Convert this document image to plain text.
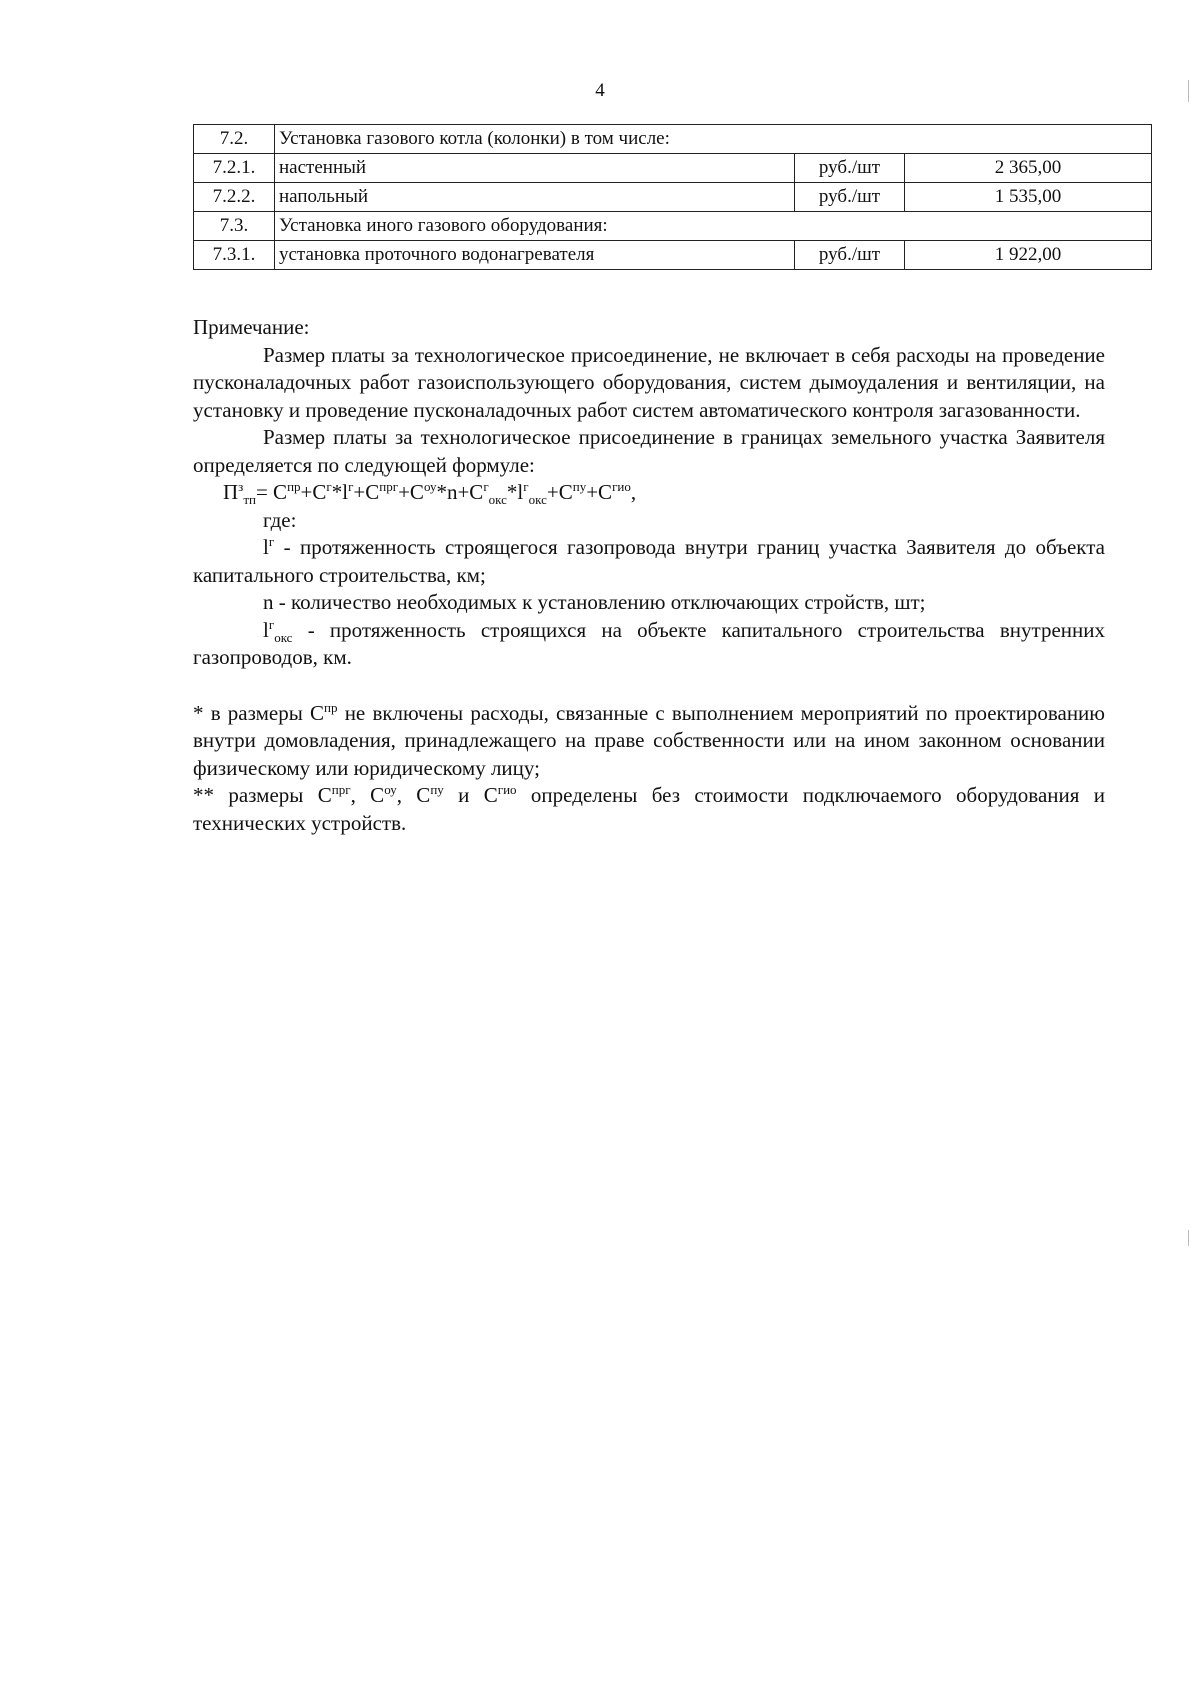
4
7.2.	Установка газового котла (колонки) в том числе:		
7.2.1.	настенный	руб./шт	2 365,00
7.2.2.	напольный	руб./шт	1 535,00
7.3.	Установка иного газового оборудования:		
7.3.1.	установка проточного водонагревателя	руб./шт	1 922,00

Примечание:

Размер платы за технологическое присоединение, не включает в себя расходы на проведение пусконаладочных работ газоиспользующего оборудования, систем дымоудаления и вентиляции, на установку и проведение пусконаладочных работ систем автоматического контроля загазованности.

Размер платы за технологическое присоединение в границах земельного участка Заявителя определяется по следующей формуле:

$П^з_{тп}= С^{пр}+С^г*l^г+С^{прг}+С^{оу}*n+С^г_{окс}*l^г_{окс}+С^{пу}+С^{гио}$,

где:

$l^г$ - протяженность строящегося газопровода внутри границ участка Заявителя до объекта капитального строительства, км;

n - количество необходимых к установлению отключающих стройств, шт;

$l^г_{окс}$ - протяженность строящихся на объекте капитального строительства внутренних газопроводов, км.

* в размеры $С^{пр}$ не включены расходы, связанные с выполнением мероприятий по проектированию внутри домовладения, принадлежащего на праве собственности или на ином законном основании физическому или юридическому лицу;

** размеры $С^{прг}$, $С^{оу}$, $С^{пу}$ и $С^{гио}$ определены без стоимости подключаемого оборудования и технических устройств.
